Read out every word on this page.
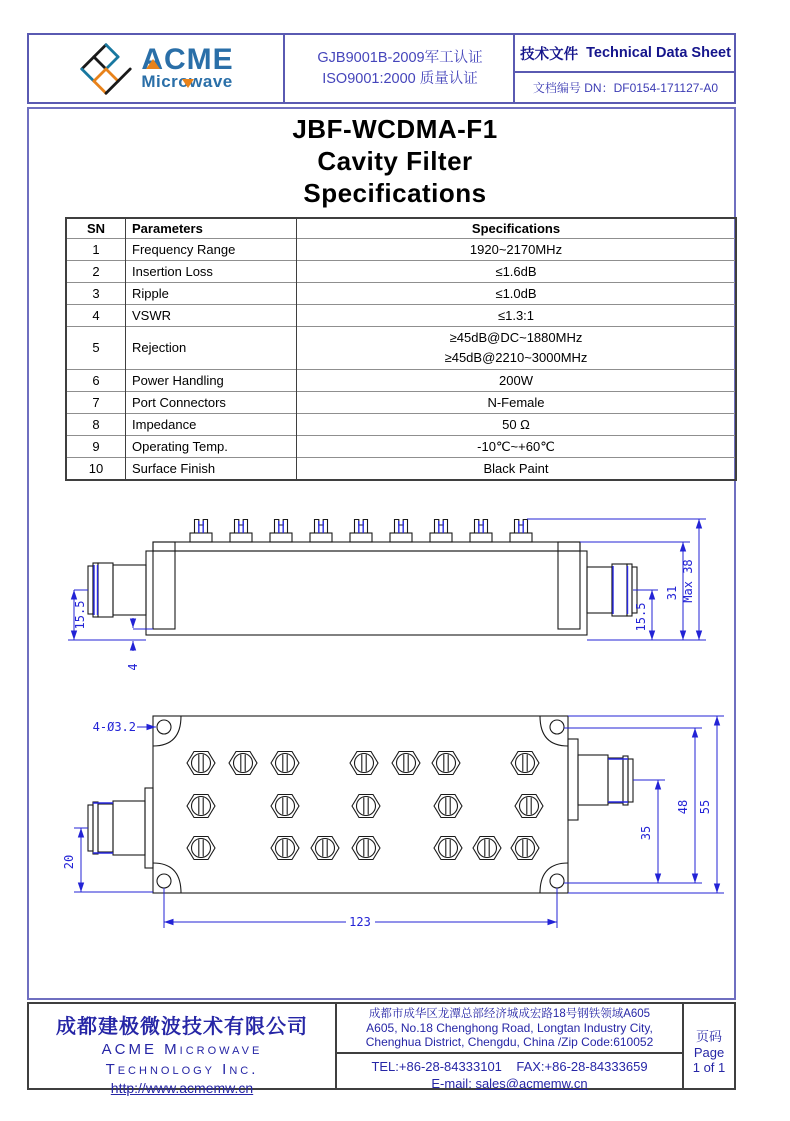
ACME
Microwave
GJB9001B-2009军工认证
ISO9001:2000 质量认证
技术文件
Technical Data Sheet
文档编号 DN： DF0154-171127-A0
JBF-WCDMA-F1
Cavity Filter
Specifications
SN	Parameters	Specifications
1	Frequency Range	1920~2170MHz
2	Insertion Loss	≤1.6dB
3	Ripple	≤1.0dB
4	VSWR	≤1.3:1
5	Rejection	≥45dB@DC~1880MHz
≥45dB@2210~3000MHz
6	Power Handling	200W
7	Port Connectors	N-Female
8	Impedance	50 Ω
9	Operating Temp.	-10℃~+60℃
10	Surface Finish	Black Paint
15.5
31 Max 38
15.5
4
4-Ø3.2
20
35
48 55
123
成都建极微波技术有限公司
ACME Microwave
Technology Inc.
http://www.acmemw.cn
成都市成华区龙潭总部经济城成宏路18号钢铁领域A605
A605, No.18 Chenghong Road, Longtan Industry City,
Chenghua District, Chengdu, China /Zip Code:610052
TEL:+86-28-84333101 FAX:+86-28-84333659
E-mail: sales@acmemw.cn
页码 Page
1 of 1
